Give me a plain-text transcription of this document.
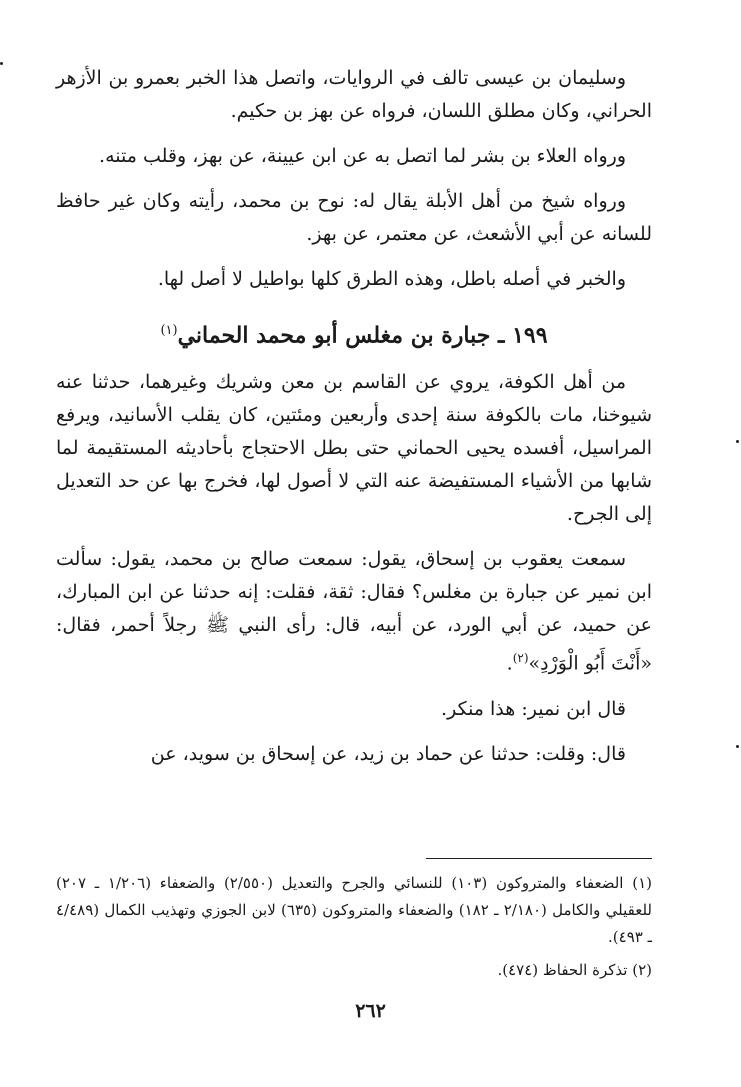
وسليمان بن عيسى تالف في الروايات، واتصل هذا الخبر بعمرو بن الأزهر الحراني، وكان مطلق اللسان، فرواه عن بهز بن حكيم.

ورواه العلاء بن بشر لما اتصل به عن ابن عيينة، عن بهز، وقلب متنه.

ورواه شيخ من أهل الأبلة يقال له: نوح بن محمد، رأيته وكان غير حافظ للسانه عن أبي الأشعث، عن معتمر، عن بهز.

والخبر في أصله باطل، وهذه الطرق كلها بواطيل لا أصل لها.

١٩٩ ـ جبارة بن مغلس أبو محمد الحماني$^{(١)}$

من أهل الكوفة، يروي عن القاسم بن معن وشريك وغيرهما، حدثنا عنه شيوخنا، مات بالكوفة سنة إحدى وأربعين ومئتين، كان يقلب الأسانيد، ويرفع المراسيل، أفسده يحيى الحماني حتى بطل الاحتجاج بأحاديثه المستقيمة لما شابها من الأشياء المستفيضة عنه التي لا أصول لها، فخرج بها عن حد التعديل إلى الجرح.

سمعت يعقوب بن إسحاق، يقول: سمعت صالح بن محمد، يقول: سألت ابن نمير عن جبارة بن مغلس؟ فقال: ثقة، فقلت: إنه حدثنا عن ابن المبارك، عن حميد، عن أبي الورد، عن أبيه، قال: رأى النبي ﷺ رجلاً أحمر، فقال: «أَنْتَ أَبُو الْوَرْدِ»$^{(٢)}$.

قال ابن نمير: هذا منكر.

قال: وقلت: حدثنا عن حماد بن زيد، عن إسحاق بن سويد، عن

(١) الضعفاء والمتروكون (١٠٣) للنسائي والجرح والتعديل (٢/٥٥٠) والضعفاء (١/٢٠٦ ـ ٢٠٧) للعقيلي والكامل (٢/١٨٠ ـ ١٨٢) والضعفاء والمتروكون (٦٣٥) لابن الجوزي وتهذيب الكمال (٤/٤٨٩ ـ ٤٩٣).

(٢) تذكرة الحفاظ (٤٧٤).

٢٦٢
